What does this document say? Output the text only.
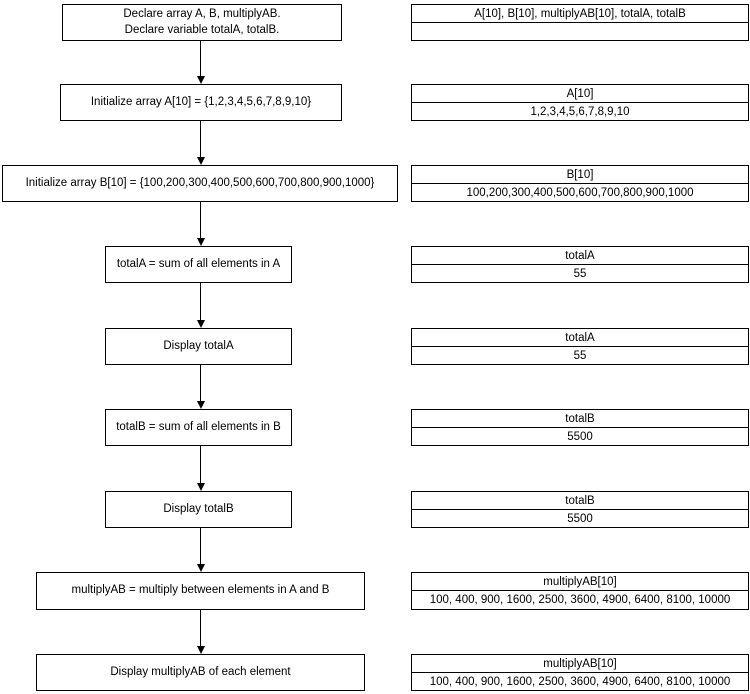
Declare array A, B, multiplyAB.
Declare variable totalA, totalB.
Initialize array A[10] = {1,2,3,4,5,6,7,8,9,10}
Initialize array B[10] = {100,200,300,400,500,600,700,800,900,1000}
totalA = sum of all elements in A
Display totalA
totalB = sum of all elements in B
Display totalB
multiplyAB = multiply between elements in A and B
Display multiplyAB of each element
A[10], B[10], multiplyAB[10], totalA, totalB
A[10]
1,2,3,4,5,6,7,8,9,10
B[10]
100,200,300,400,500,600,700,800,900,1000
totalA
55
totalA
55
totalB
5500
totalB
5500
multiplyAB[10]
100, 400, 900, 1600, 2500, 3600, 4900, 6400, 8100, 10000
multiplyAB[10]
100, 400, 900, 1600, 2500, 3600, 4900, 6400, 8100, 10000
